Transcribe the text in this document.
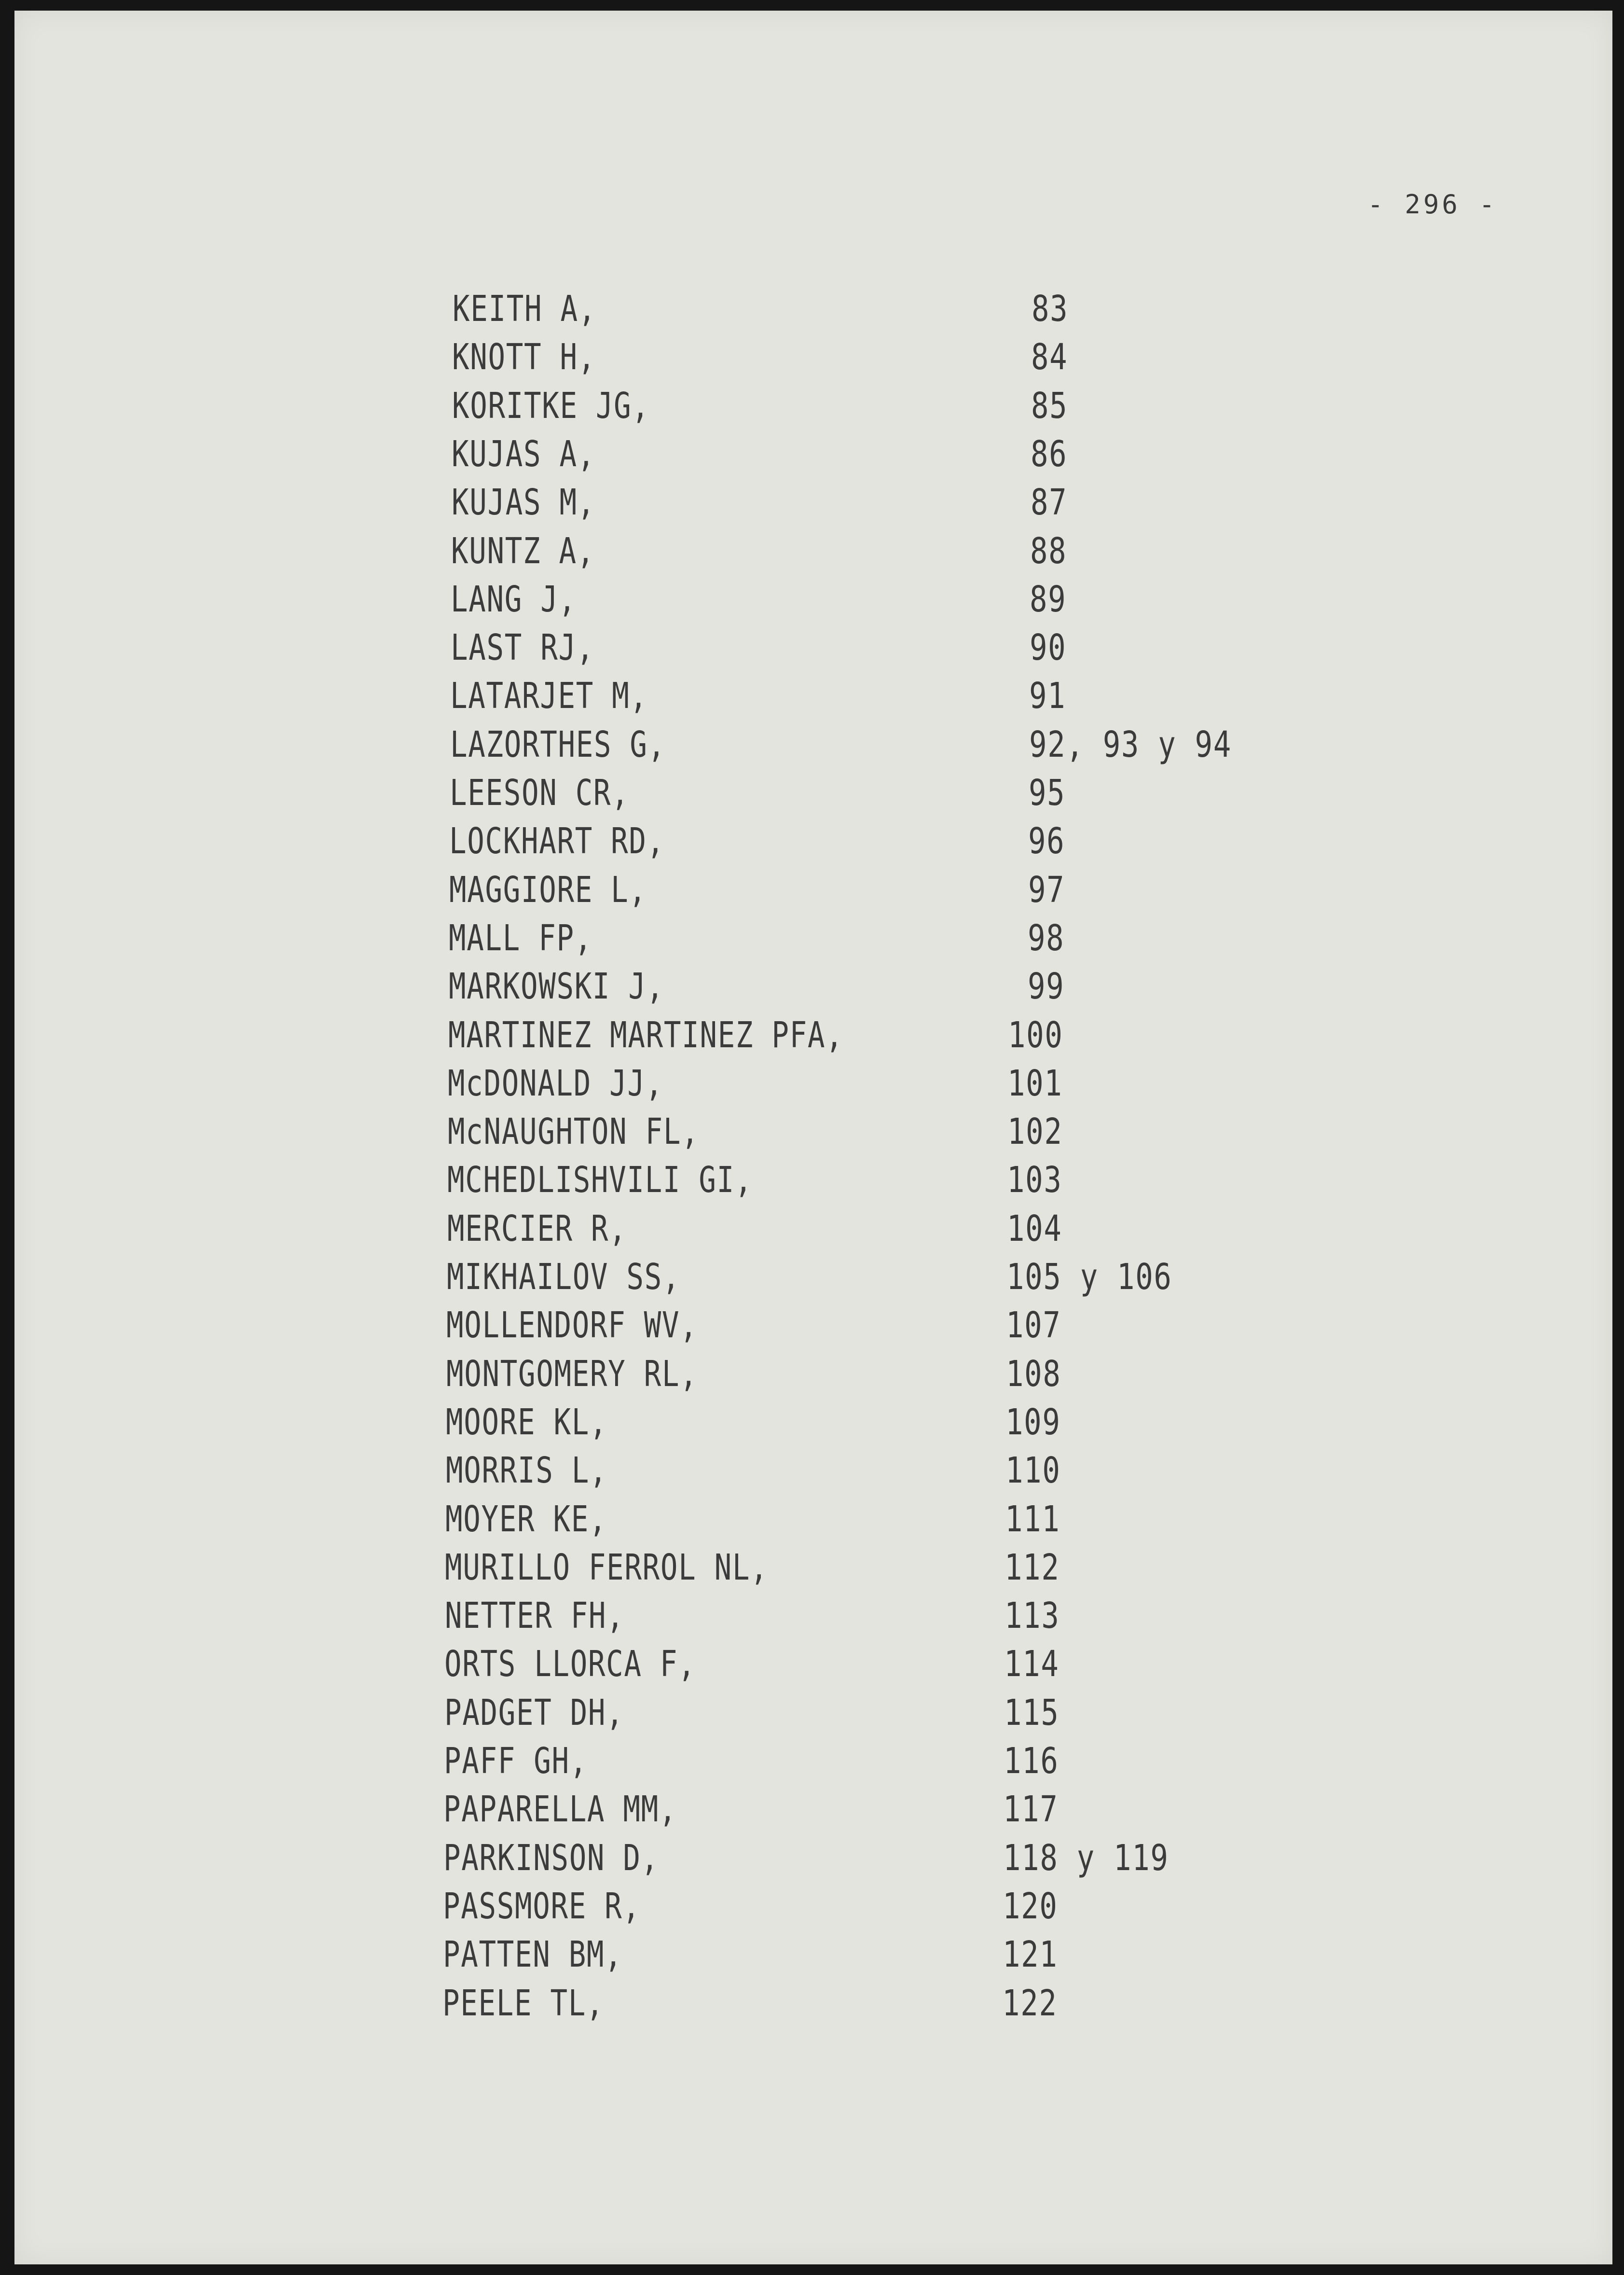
- 296 -
KEITH A,	83
KNOTT H,	84
KORITKE JG,	85
KUJAS A,	86
KUJAS M,	87
KUNTZ A,	88
LANG J,	89
LAST RJ,	90
LATARJET M,	91
LAZORTHES G,	92, 93 y 94
LEESON CR,	95
LOCKHART RD,	96
MAGGIORE L,	97
MALL FP,	98
MARKOWSKI J,	99
MARTINEZ MARTINEZ PFA,	100
McDONALD JJ,	101
McNAUGHTON FL,	102
MCHEDLISHVILI GI,	103
MERCIER R,	104
MIKHAILOV SS,	105 y 106
MOLLENDORF WV,	107
MONTGOMERY RL,	108
MOORE KL,	109
MORRIS L,	110
MOYER KE,	111
MURILLO FERROL NL,	112
NETTER FH,	113
ORTS LLORCA F,	114
PADGET DH,	115
PAFF GH,	116
PAPARELLA MM,	117
PARKINSON D,	118 y 119
PASSMORE R,	120
PATTEN BM,	121
PEELE TL,	122
